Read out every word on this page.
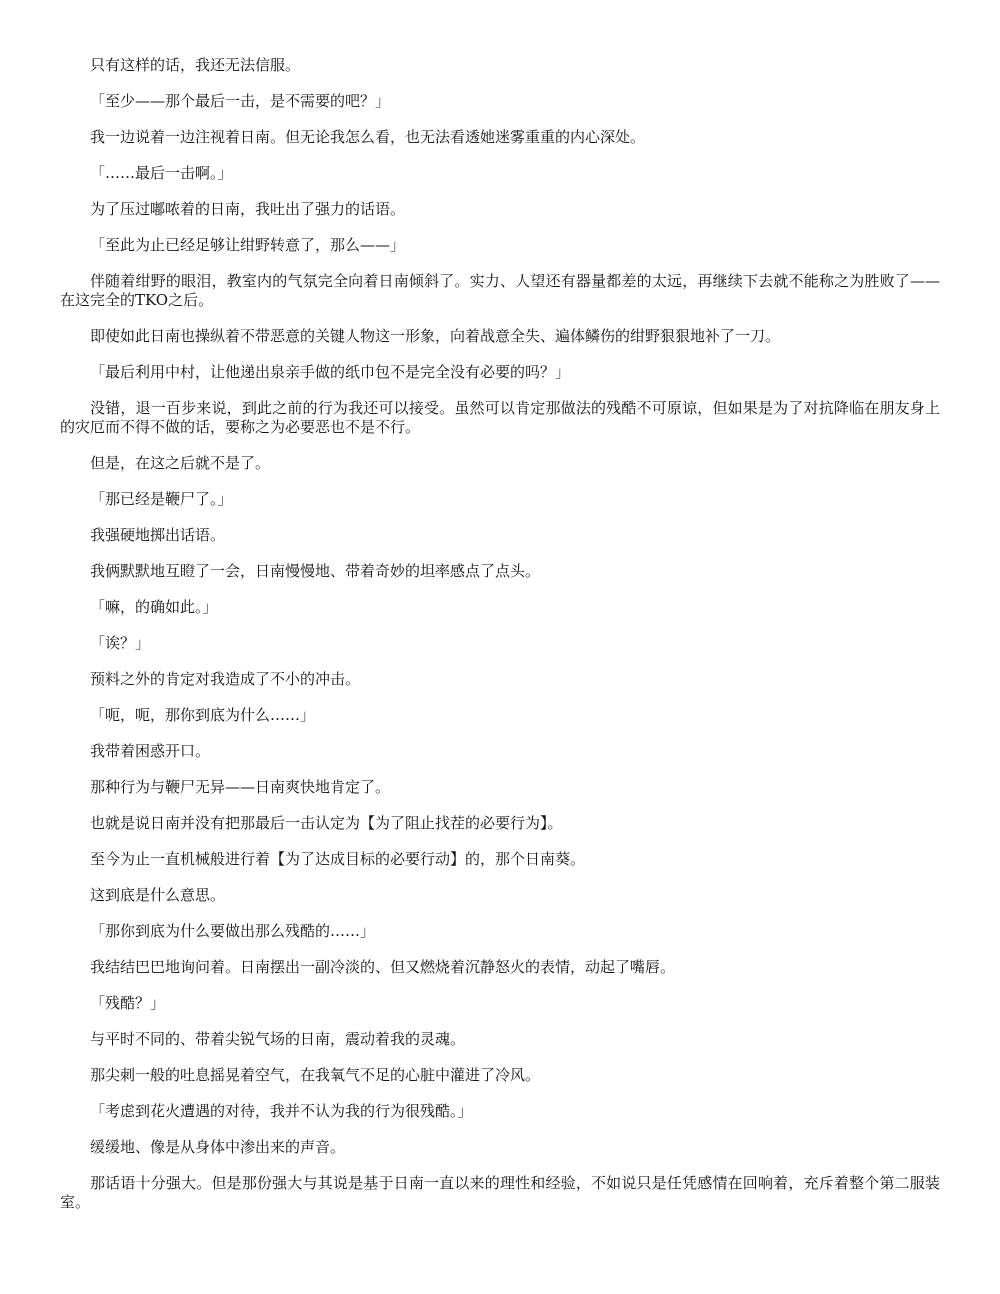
只有这样的话，我还无法信服。

「至少——那个最后一击，是不需要的吧？」

我一边说着一边注视着日南。但无论我怎么看，也无法看透她迷雾重重的内心深处。

「……最后一击啊。」

为了压过嘟哝着的日南，我吐出了强力的话语。

「至此为止已经足够让绀野转意了，那么——」

伴随着绀野的眼泪，教室内的气氛完全向着日南倾斜了。实力、人望还有器量都差的太远，再继续下去就不能称之为胜败了——在这完全的TKO之后。

即使如此日南也操纵着不带恶意的关键人物这一形象，向着战意全失、遍体鳞伤的绀野狠狠地补了一刀。

「最后利用中村，让他递出泉亲手做的纸巾包不是完全没有必要的吗？」

没错，退一百步来说，到此之前的行为我还可以接受。虽然可以肯定那做法的残酷不可原谅，但如果是为了对抗降临在朋友身上的灾厄而不得不做的话，要称之为必要恶也不是不行。

但是，在这之后就不是了。

「那已经是鞭尸了。」

我强硬地掷出话语。

我俩默默地互瞪了一会，日南慢慢地、带着奇妙的坦率感点了点头。

「嘛，的确如此。」

「诶？」

预料之外的肯定对我造成了不小的冲击。

「呃，呃，那你到底为什么……」

我带着困惑开口。

那种行为与鞭尸无异——日南爽快地肯定了。

也就是说日南并没有把那最后一击认定为【为了阻止找茬的必要行为】。

至今为止一直机械般进行着【为了达成目标的必要行动】的，那个日南葵。

这到底是什么意思。

「那你到底为什么要做出那么残酷的……」

我结结巴巴地询问着。日南摆出一副冷淡的、但又燃烧着沉静怒火的表情，动起了嘴唇。

「残酷？」

与平时不同的、带着尖锐气场的日南，震动着我的灵魂。

那尖刺一般的吐息摇晃着空气，在我氧气不足的心脏中灌进了冷风。

「考虑到花火遭遇的对待，我并不认为我的行为很残酷。」

缓缓地、像是从身体中渗出来的声音。

那话语十分强大。但是那份强大与其说是基于日南一直以来的理性和经验，不如说只是任凭感情在回响着，充斥着整个第二服装室。
